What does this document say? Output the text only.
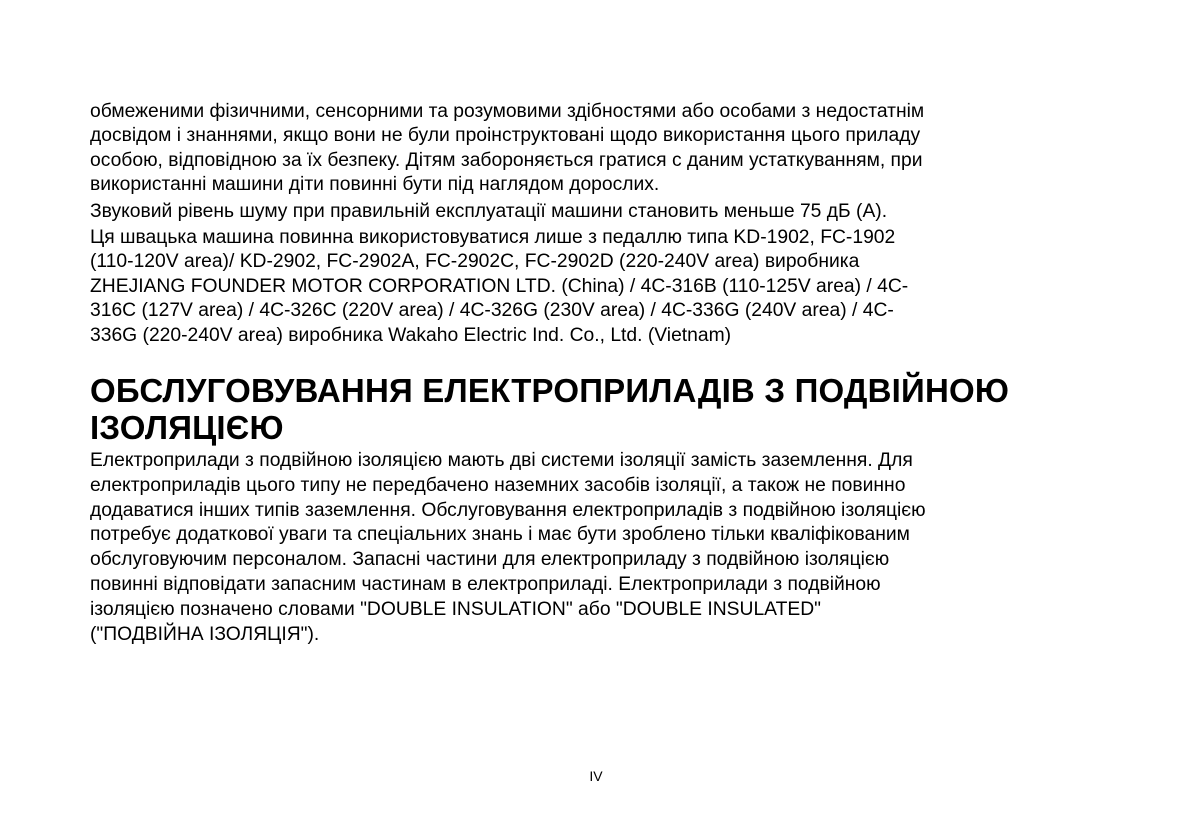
обмеженими фізичними, сенсорними та розумовими здібностями або особами з недостатнім
досвідом і знаннями, якщо вони не були проінструктовані щодо використання цього приладу
особою, відповідною за їх безпеку. Дітям забороняється гратися с даним устаткуванням, при
використанні машини діти повинні бути під наглядом дорослих.

Звуковий рівень шуму при правильній експлуатації машини становить меньше 75 дБ (А).

Ця швацька машина повинна використовуватися лише з педаллю типа KD-1902, FC-1902
(110-120V area)/ KD-2902, FC-2902A, FC-2902C, FC-2902D (220-240V area) виробника
ZHEJIANG FOUNDER MOTOR CORPORATION LTD. (China) / 4C-316B (110-125V area) / 4C-
316C (127V area) / 4C-326C (220V area) / 4C-326G (230V area) / 4C-336G (240V area) / 4C-
336G (220-240V area) виробника Wakaho Electric Ind. Co., Ltd. (Vietnam)

ОБСЛУГОВУВАННЯ ЕЛЕКТРОПРИЛАДІВ З ПОДВІЙНОЮ
ІЗОЛЯЦІЄЮ

Електроприлади з подвійною ізоляцією мають дві системи ізоляції замість заземлення. Для
електроприладів цього типу не передбачено наземних засобів ізоляції, а також не повинно
додаватися інших типів заземлення. Обслуговування електроприладів з подвійною ізоляцією
потребує додаткової уваги та спеціальних знань і має бути зроблено тільки кваліфікованим
обслуговуючим персоналом. Запасні частини для електроприладу з подвійною ізоляцією
повинні відповідати запасним частинам в електроприладі. Електроприлади з подвійною
ізоляцією позначено словами "DOUBLE INSULATION" або "DOUBLE INSULATED"
("ПОДВІЙНА ІЗОЛЯЦІЯ").

IV
